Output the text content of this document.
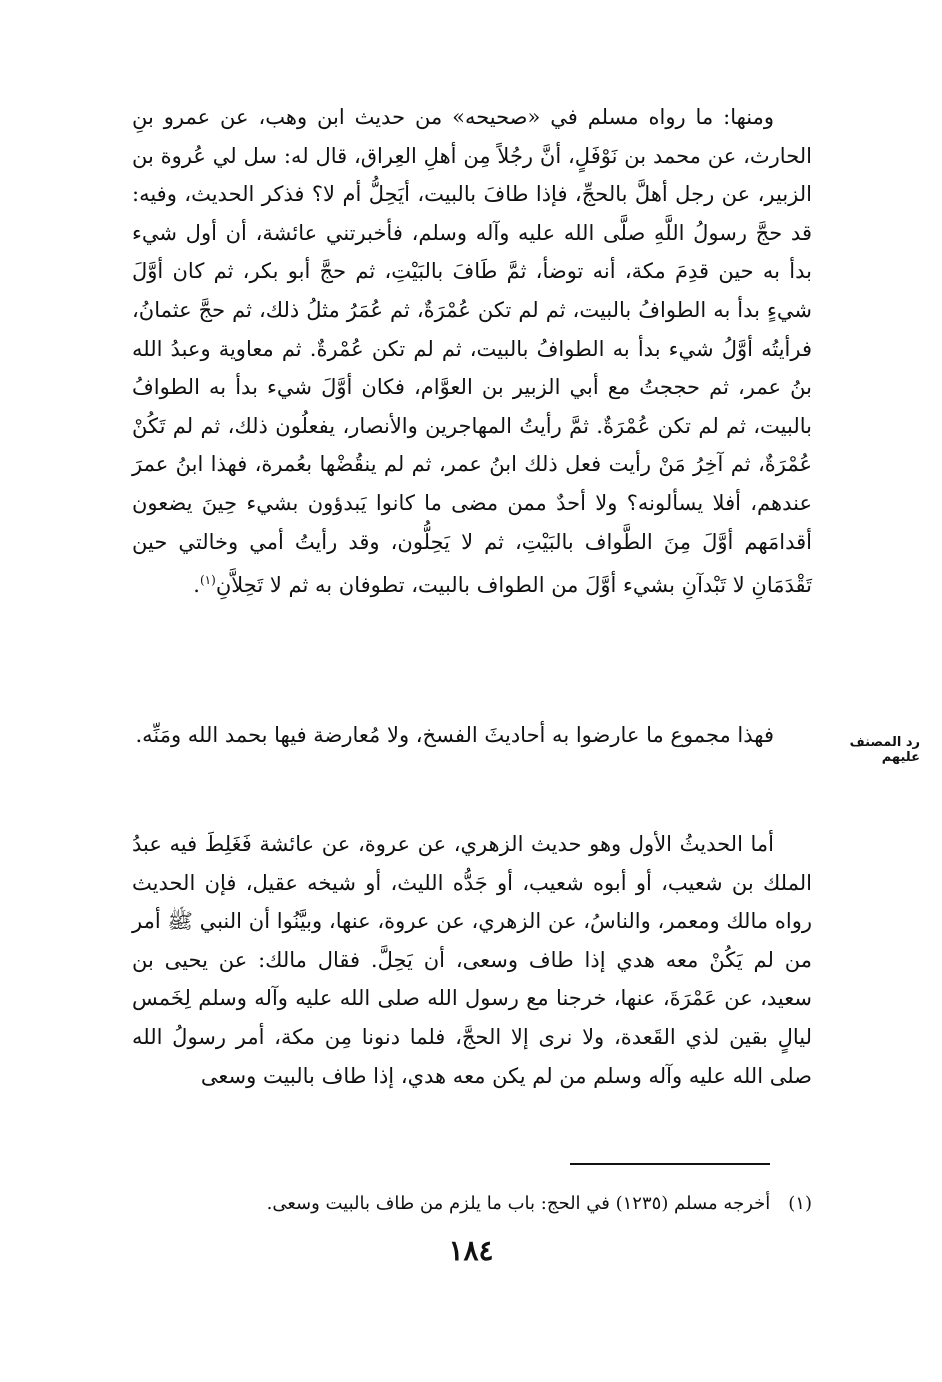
ومنها: ما رواه مسلم في «صحيحه» من حديث ابن وهب، عن عمرو بنِ الحارث، عن محمد بن نَوْفَلٍ، أنَّ رجُلاً مِن أهلِ العِراق، قال له: سل لي عُروة بن الزبير، عن رجل أهلَّ بالحجِّ، فإذا طافَ بالبيت، أيَحِلُّ أم لا؟ فذكر الحديث، وفيه: قد حجَّ رسولُ اللَّهِ صلَّى الله عليه وآله وسلم، فأخبرتني عائشة، أن أول شيء بدأ به حين قدِمَ مكة، أنه توضأ، ثمَّ طَافَ بالبَيْتِ، ثم حجَّ أبو بكر، ثم كان أوَّلَ شيءٍ بدأ به الطوافُ بالبيت، ثم لم تكن عُمْرَةٌ، ثم عُمَرُ مثلُ ذلك، ثم حجَّ عثمانُ، فرأيتُه أوَّلُ شيء بدأ به الطوافُ بالبيت، ثم لم تكن عُمْرةٌ. ثم معاوية وعبدُ الله بنُ عمر، ثم حججتُ مع أبي الزبير بن العوَّام، فكان أوَّلَ شيء بدأ به الطوافُ بالبيت، ثم لم تكن عُمْرَةٌ. ثمَّ رأيتُ المهاجرين والأنصار، يفعلُون ذلك، ثم لم تَكُنْ عُمْرَةٌ، ثم آخِرُ مَنْ رأيت فعل ذلك ابنُ عمر، ثم لم ينقُضْها بعُمرة، فهذا ابنُ عمرَ عندهم، أفلا يسألونه؟ ولا أحدٌ ممن مضى ما كانوا يَبدؤون بشيء حِينَ يضعون أقدامَهم أوَّلَ مِنَ الطَّواف بالبَيْتِ، ثم لا يَحِلُّون، وقد رأيتُ أمي وخالتي حين تَقْدَمَانِ لا تَبْدآنِ بشيء أوَّلَ من الطواف بالبيت، تطوفان به ثم لا تَحِلاَّنِ$^{(١)}$.

رد المصنف عليهم

فهذا مجموع ما عارضوا به أحاديثَ الفسخ، ولا مُعارضة فيها بحمد الله ومَنِّه.

أما الحديثُ الأول وهو حديث الزهري، عن عروة، عن عائشة فَغَلِطَ فيه عبدُ الملك بن شعيب، أو أبوه شعيب، أو جَدُّه الليث، أو شيخه عقيل، فإن الحديث رواه مالك ومعمر، والناسُ، عن الزهري، عن عروة، عنها، وبيَّنُوا أن النبي ﷺ أمر من لم يَكُنْ معه هدي إذا طاف وسعى، أن يَحِلَّ. فقال مالك: عن يحيى بن سعيد، عن عَمْرَةَ، عنها، خرجنا مع رسول الله صلى الله عليه وآله وسلم لِخَمس ليالٍ بقين لذي القَعدة، ولا نرى إلا الحجَّ، فلما دنونا مِن مكة، أمر رسولُ الله صلى الله عليه وآله وسلم من لم يكن معه هدي، إذا طاف بالبيت وسعى

(١)أخرجه مسلم (١٢٣٥) في الحج: باب ما يلزم من طاف بالبيت وسعى.
١٨٤
